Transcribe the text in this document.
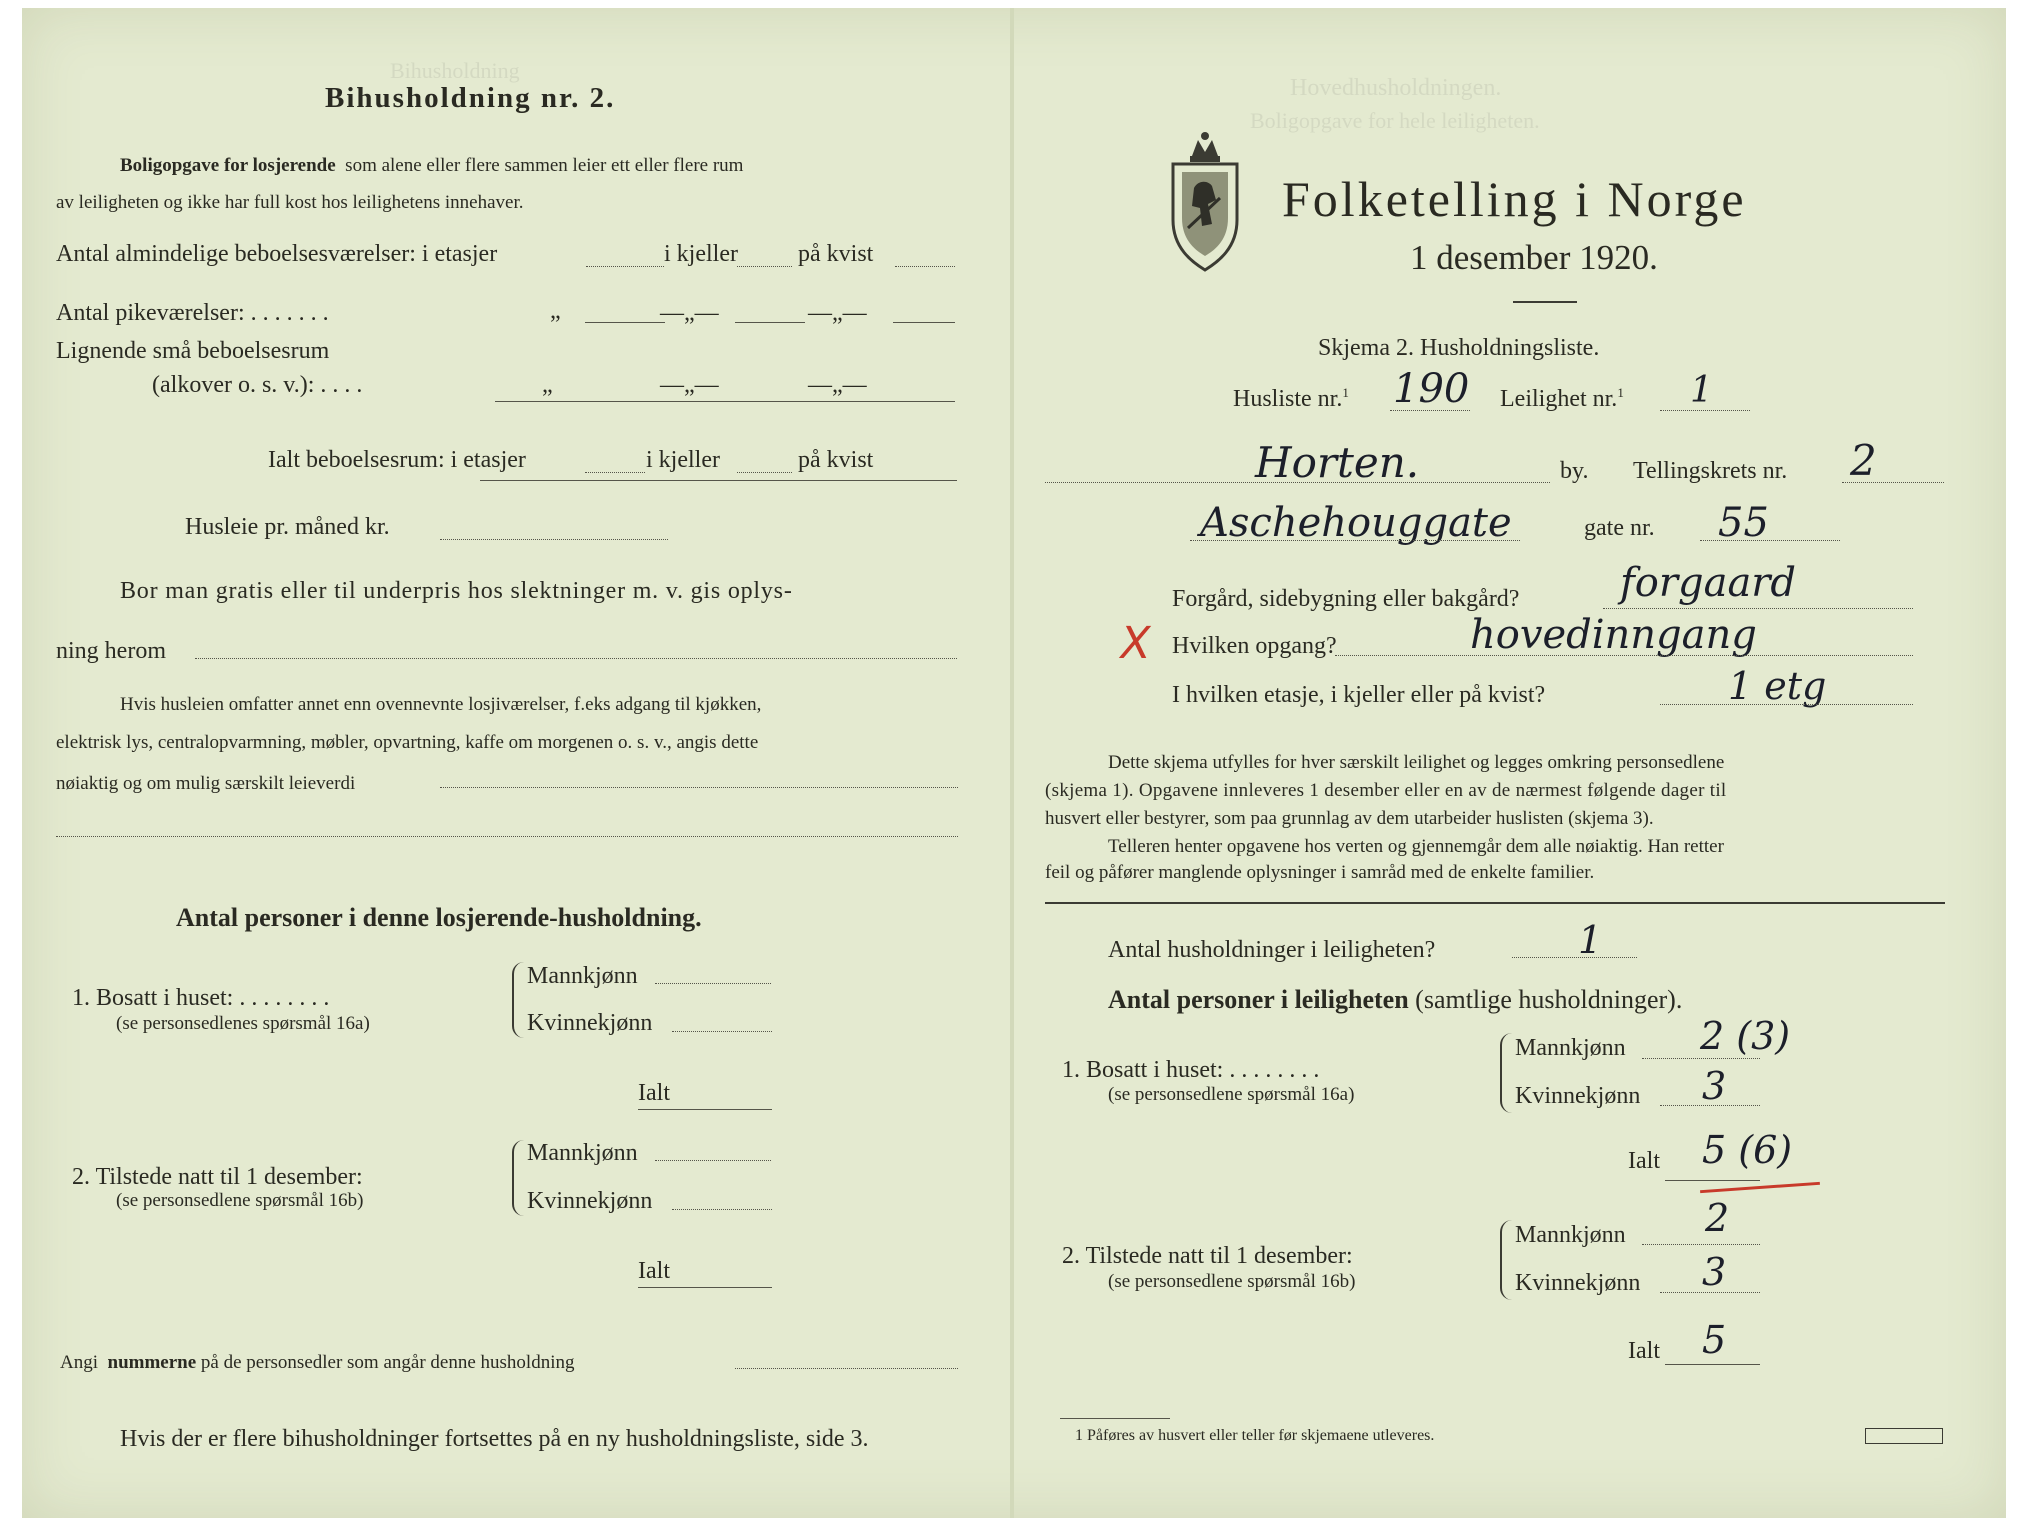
Hovedhusholdningen.
Boligopgave for hele leiligheten.
Bihusholdning
Bihusholdning nr. 2.
Boligopgave for losjerende som alene eller flere sammen leier ett eller flere rum
av leiligheten og ikke har full kost hos leilighetens innehaver.
Antal almindelige beboelsesværelser: i etasjer	i kjeller	på kvist
Antal pikeværelser: . . . . . . .	„	—„—	—„—
Lignende små beboelsesrum
(alkover o. s. v.): . . . .	„	—„—	—„—
Ialt beboelsesrum: i etasjer	i kjeller	på kvist
Husleie pr. måned kr.
Bor man gratis eller til underpris hos slektninger m. v. gis oplys-
ning herom
Hvis husleien omfatter annet enn ovennevnte losjiværelser, f.eks adgang til kjøkken,
elektrisk lys, centralopvarmning, møbler, opvartning, kaffe om morgenen o. s. v., angis dette
nøiaktig og om mulig særskilt leieverdi
Antal personer i denne losjerende-husholdning.
1. Bosatt i huset: . . . . . . . .
(se personsedlenes spørsmål 16a)
Mannkjønn
Kvinnekjønn
Ialt
2. Tilstede natt til 1 desember:
(se personsedlene spørsmål 16b)
Mannkjønn
Kvinnekjønn
Ialt
Angi nummerne på de personsedler som angår denne husholdning
Hvis der er flere bihusholdninger fortsettes på en ny husholdningsliste, side 3.
Folketelling i Norge
1 desember 1920.
Skjema 2. Husholdningsliste.
Husliste nr.$^1$ 190 Leilighet nr.$^1$ 1
Horten.	by. Tellingskrets nr. 2
Aschehouggate	gate nr. 55
Forgård, sidebygning eller bakgård?	forgaard
X Hvilken opgang?	hovedinngang
I hvilken etasje, i kjeller eller på kvist?	1 etg
Dette skjema utfylles for hver særskilt leilighet og legges omkring personsedlene
(skjema 1). Opgavene innleveres 1 desember eller en av de nærmest følgende dager til
husvert eller bestyrer, som paa grunnlag av dem utarbeider huslisten (skjema 3).
Telleren henter opgavene hos verten og gjennemgår dem alle nøiaktig. Han retter
feil og påfører manglende oplysninger i samråd med de enkelte familier.
Antal husholdninger i leiligheten?	1
Antal personer i leiligheten (samtlige husholdninger).
1. Bosatt i huset: . . . . . . . .
(se personsedlene spørsmål 16a)
Mannkjønn 2 (3)
Kvinnekjønn 3
Ialt 5 (6)
2. Tilstede natt til 1 desember:
(se personsedlene spørsmål 16b)
Mannkjønn 2
Kvinnekjønn 3
Ialt 5
1 Påføres av husvert eller teller før skjemaene utleveres.
